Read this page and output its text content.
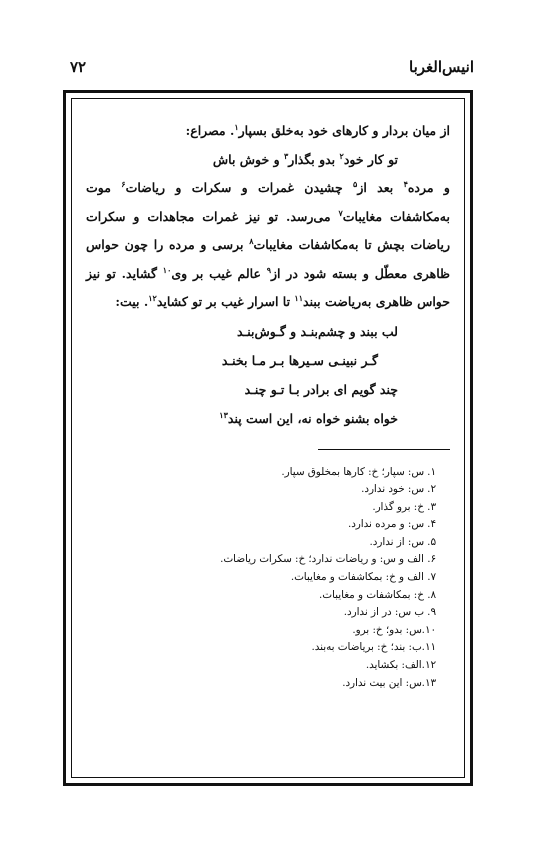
انیس‌الغربا
۷۲

از میان بردار و کارهای خود به‌خلق بسپار$^۱$. مصراع:

تو کار خود$^۲$ بدو بگذار$^۳$ و خوش باش

و مرده$^۴$ بعد از$^۵$ چشیدن غمرات و سکرات و ریاضات$^۶$ موت به‌مکاشفات مغایبات$^۷$ می‌رسد. تو نیز غمرات مجاهدات و سکرات ریاضات بچش تا به‌مکاشفات مغایبات$^۸$ برسی و مرده را چون حواس ظاهری معطّل و بسته شود در از$^۹$ عالم غیب بر وی$^{۱۰}$ گشاید. تو نیز حواس ظاهری به‌ریاضت ببند$^{۱۱}$ تا اسرار غیب بر تو کشاید$^{۱۲}$. بیت:

لب ببند و چشم‌بنـد و گـوش‌بنـد

گـر نبینـی سـیرها بـر مـا بخنـد

چند گویم ای برادر بـا تـو چنـد

خواه بشنو خواه نه، این است پند$^{۱۳}$

۱. س: سپار؛ خ: کارها بمخلوق سپار.

۲. س: خود ندارد.

۳. خ: برو گذار.

۴. س: و مرده ندارد.

۵. س: از ندارد.

۶. الف و س: و ریاضات ندارد؛ خ: سکرات ریاضات.

۷. الف و خ: بمکاشفات و مغایبات.

۸. خ: بمکاشفات و مغایبات.

۹. ب س: در از ندارد.

۱۰.س: بدو؛ خ: برو.

۱۱.ب: بند؛ خ: بریاضات به‌بند.

۱۲.الف: بکشاید.

۱۳.س: این بیت ندارد.
